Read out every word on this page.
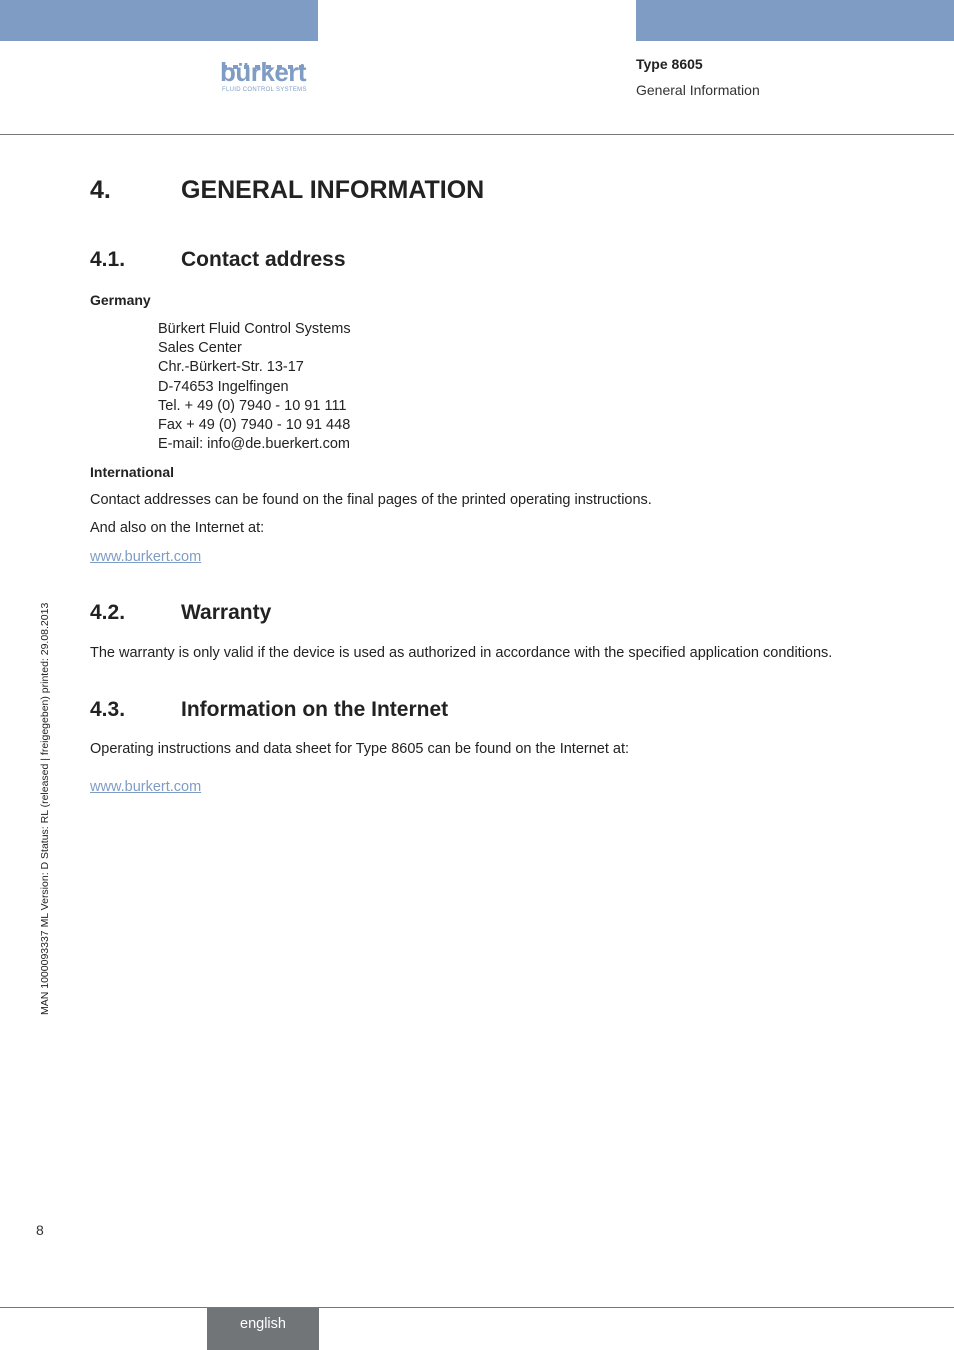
bürkert
FLUID CONTROL SYSTEMS
Type 8605
General Information
4.	GENERAL INFORMATION
4.1.	Contact address
Germany
Bürkert Fluid Control Systems
Sales Center
Chr.-Bürkert-Str. 13-17
D-74653 Ingelfingen
Tel. + 49 (0) 7940 - 10 91 111
Fax + 49 (0) 7940 - 10 91 448
E-mail: info@de.buerkert.com
International
Contact addresses can be found on the final pages of the printed operating instructions.
And also on the Internet at:
www.burkert.com
4.2.	Warranty
The warranty is only valid if the device is used as authorized in accordance with the specified application conditions.
4.3.	Information on the Internet
Operating instructions and data sheet for Type 8605 can be found on the Internet at:
www.burkert.com
MAN 1000093337 ML Version: D Status: RL (released | freigegeben) printed: 29.08.2013
8
english
